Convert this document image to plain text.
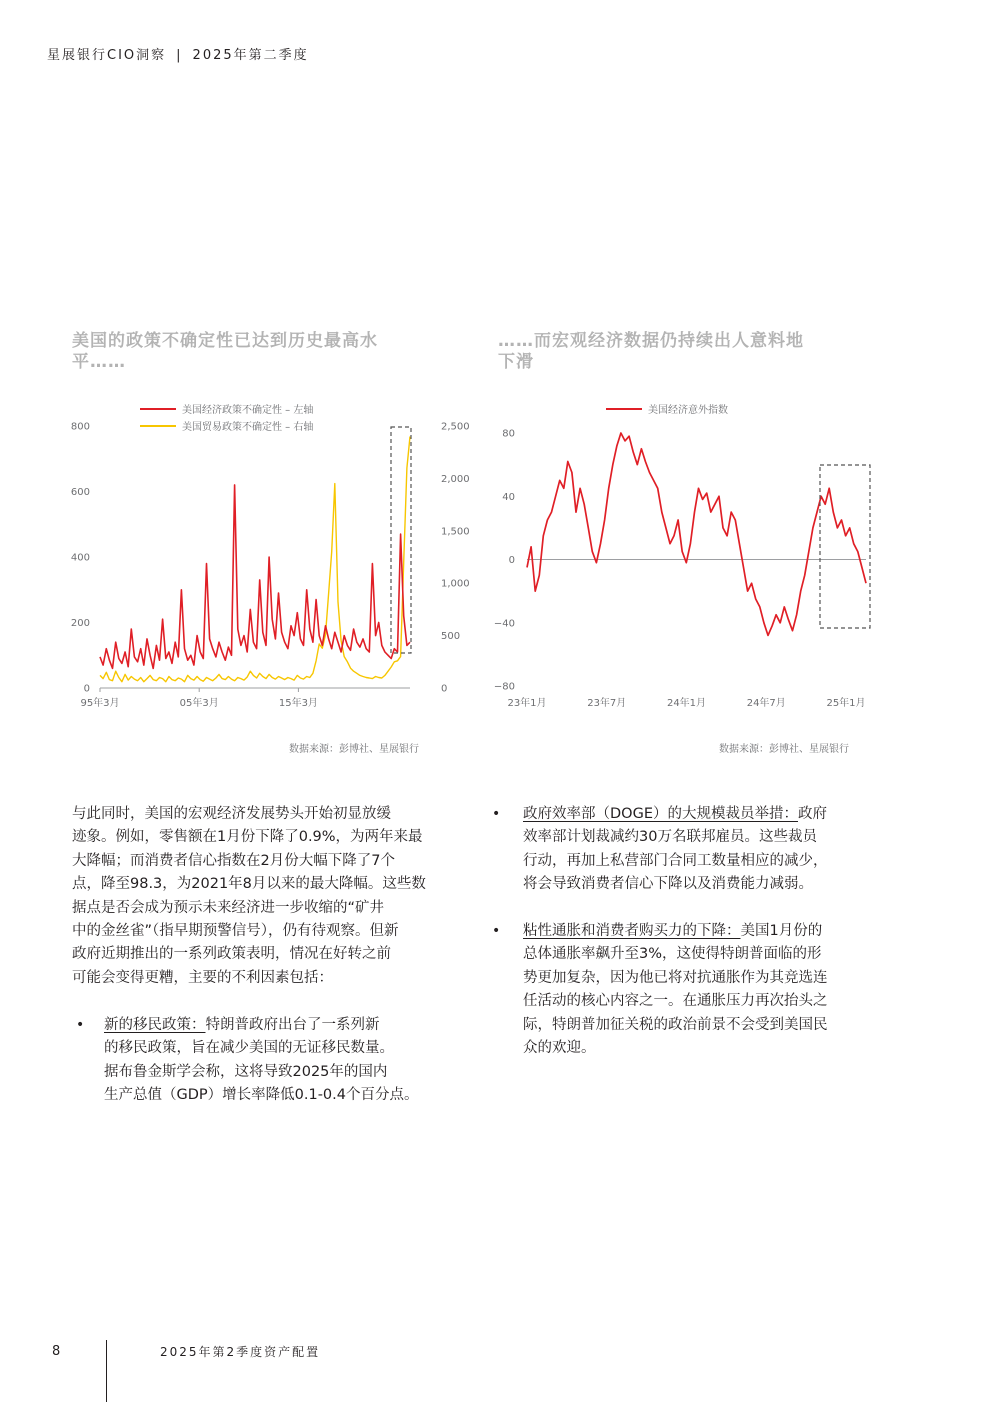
星展银行CIO洞察 | 2025年第二季度
美国的政策不确定性已达到历史最高水
平……
……而宏观经济数据仍持续出人意料地
下滑
美国经济政策不确定性 – 左轴
美国贸易政策不确定性 – 右轴
0
200
400
600
800
0
500
1,000
1,500
2,000
2,500
95年3月	05年3月	15年3月
美国经济意外指数
80
40
0
−40
−80
23年1月	23年7月	24年1月	24年7月	25年1月
数据来源：彭博社、星展银行	数据来源：彭博社、星展银行
与此同时，美国的宏观经济发展势头开始初显放缓
迹象。例如，零售额在1月份下降了0.9%，为两年来最
大降幅；而消费者信心指数在2月份大幅下降了7个
点，降至98.3，为2021年8月以来的最大降幅。这些数
据点是否会成为预示未来经济进一步收缩的“矿井
中的金丝雀”（指早期预警信号），仍有待观察。但新
政府近期推出的一系列政策表明，情况在好转之前
可能会变得更糟，主要的不利因素包括：
• 新的移民政策：特朗普政府出台了一系列新
的移民政策，旨在减少美国的无证移民数量。
据布鲁金斯学会称，这将导致2025年的国内
生产总值（GDP）增长率降低0.1-0.4个百分点。
• 政府效率部（DOGE）的大规模裁员举措：政府
效率部计划裁减约30万名联邦雇员。这些裁员
行动，再加上私营部门合同工数量相应的减少，
将会导致消费者信心下降以及消费能力减弱。
• 粘性通胀和消费者购买力的下降：美国1月份的
总体通胀率飙升至3%，这使得特朗普面临的形
势更加复杂，因为他已将对抗通胀作为其竞选连
任活动的核心内容之一。在通胀压力再次抬头之
际，特朗普加征关税的政治前景不会受到美国民
众的欢迎。
8	2025年第2季度资产配置
